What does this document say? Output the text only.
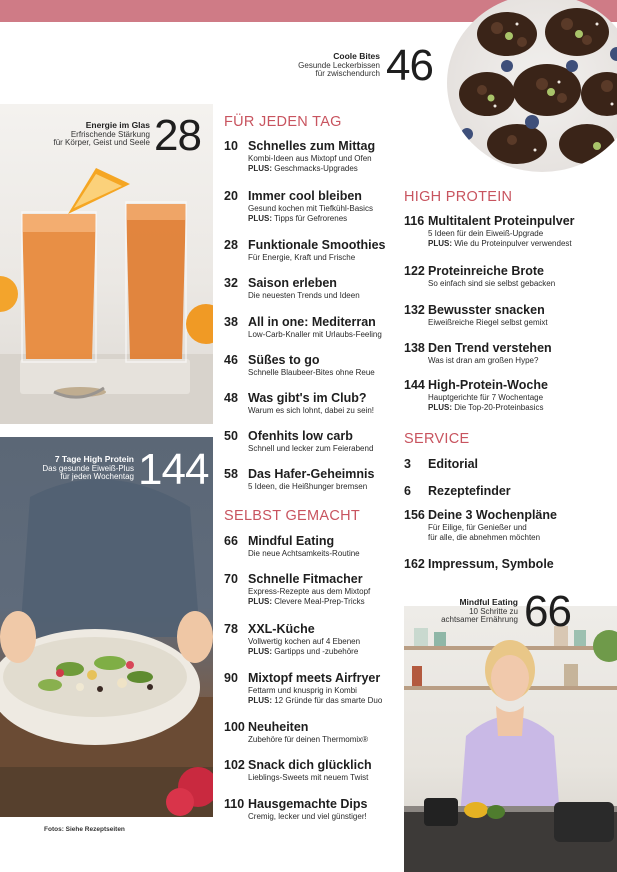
Coole Bites
Gesunde Leckerbissen
für zwischendurch 46
Energie im Glas
Erfrischende Stärkung
für Körper, Geist und Seele 28
7 Tage High Protein
Das gesunde Eiweiß-Plus
für jeden Wochentag 144
Fotos: Siehe Rezeptseiten
Mindful Eating
10 Schritte zu
achtsamer Ernährung 66
FÜR JEDEN TAG
SELBST GEMACHT
HIGH PROTEIN
SERVICE
10 Schnelles zum Mittag
Kombi-Ideen aus Mixtopf und Ofen
PLUS: Geschmacks-Upgrades
20 Immer cool bleiben
Gesund kochen mit Tiefkühl-Basics
PLUS: Tipps für Gefrorenes
28 Funktionale Smoothies
Für Energie, Kraft und Frische
32 Saison erleben
Die neuesten Trends und Ideen
38 All in one: Mediterran
Low-Carb-Knaller mit Urlaubs-Feeling
46 Süßes to go
Schnelle Blaubeer-Bites ohne Reue
48 Was gibt's im Club?
Warum es sich lohnt, dabei zu sein!
50 Ofenhits low carb
Schnell und lecker zum Feierabend
58 Das Hafer-Geheimnis
5 Ideen, die Heißhunger bremsen
66 Mindful Eating
Die neue Achtsamkeits-Routine
70 Schnelle Fitmacher
Express-Rezepte aus dem Mixtopf
PLUS: Clevere Meal-Prep-Tricks
78 XXL-Küche
Vollwertig kochen auf 4 Ebenen
PLUS: Gartipps und -zubehöre
90 Mixtopf meets Airfryer
Fettarm und knusprig in Kombi
PLUS: 12 Gründe für das smarte Duo
100 Neuheiten
Zubehöre für deinen Thermomix®
102 Snack dich glücklich
Lieblings-Sweets mit neuem Twist
110 Hausgemachte Dips
Cremig, lecker und viel günstiger!
116 Multitalent Proteinpulver
5 Ideen für dein Eiweiß-Upgrade
PLUS: Wie du Proteinpulver verwendest
122 Proteinreiche Brote
So einfach sind sie selbst gebacken
132 Bewusster snacken
Eiweißreiche Riegel selbst gemixt
138 Den Trend verstehen
Was ist dran am großen Hype?
144 High-Protein-Woche
Hauptgerichte für 7 Wochentage
PLUS: Die Top-20-Proteinbasics
3 Editorial
6 Rezeptefinder
156 Deine 3 Wochenpläne
Für Eilige, für Genießer und
für alle, die abnehmen möchten
162 Impressum, Symbole
